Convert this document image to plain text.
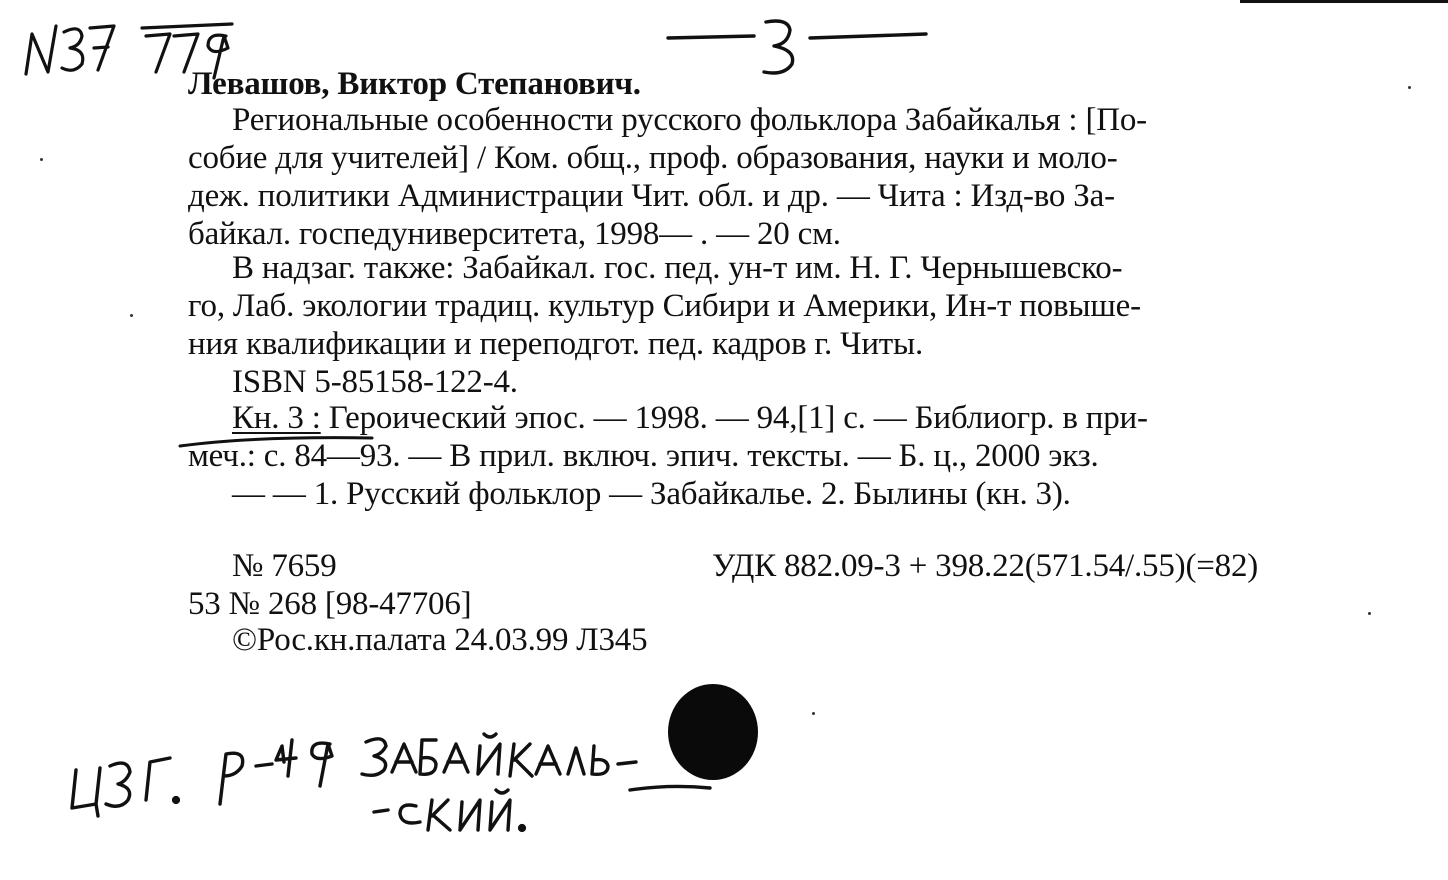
Левашов, Виктор Степанович.
Региональные особенности русского фольклора Забайкалья : [По-
собие для учителей] / Ком. общ., проф. образования, науки и моло-
деж. политики Администрации Чит. обл. и др. — Чита : Изд-во За-
байкал. госпедуниверситета, 1998— . — 20 см.
В надзаг. также: Забайкал. гос. пед. ун-т им. Н. Г. Чернышевско-
го, Лаб. экологии традиц. культур Сибири и Америки, Ин-т повыше-
ния квалификации и переподгот. пед. кадров г. Читы.
ISBN 5-85158-122-4.
Кн. 3 : Героический эпос. — 1998. — 94,[1] с. — Библиогр. в при-
меч.: с. 84—93. — В прил. включ. эпич. тексты. — Б. ц., 2000 экз.
— — 1. Русский фольклор — Забайкалье. 2. Былины (кн. 3).
№ 7659	УДК 882.09-3 + 398.22(571.54/.55)(=82)
53 № 268 [98-47706]
©Рос.кн.палата 24.03.99 Л345
